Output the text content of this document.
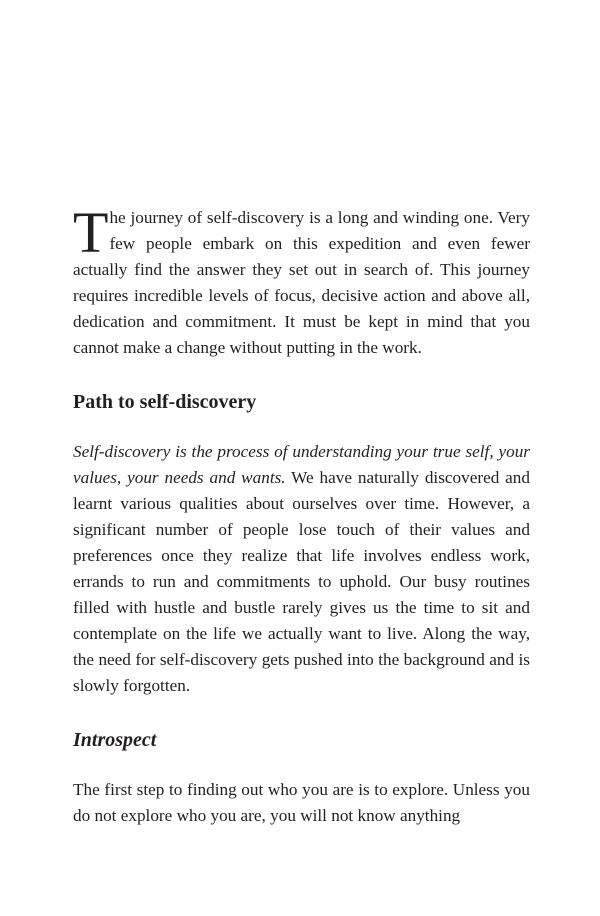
The journey of self-discovery is a long and winding one. Very few people embark on this expedition and even fewer actually find the answer they set out in search of. This journey requires incredible levels of focus, decisive action and above all, dedication and commitment. It must be kept in mind that you cannot make a change without putting in the work.

Path to self-discovery

Self-discovery is the process of understanding your true self, your values, your needs and wants. We have naturally discovered and learnt various qualities about ourselves over time. However, a significant number of people lose touch of their values and preferences once they realize that life involves endless work, errands to run and commitments to uphold. Our busy routines filled with hustle and bustle rarely gives us the time to sit and contemplate on the life we actually want to live. Along the way, the need for self-discovery gets pushed into the background and is slowly forgotten.

Introspect

The first step to finding out who you are is to explore. Unless you do not explore who you are, you will not know anything
